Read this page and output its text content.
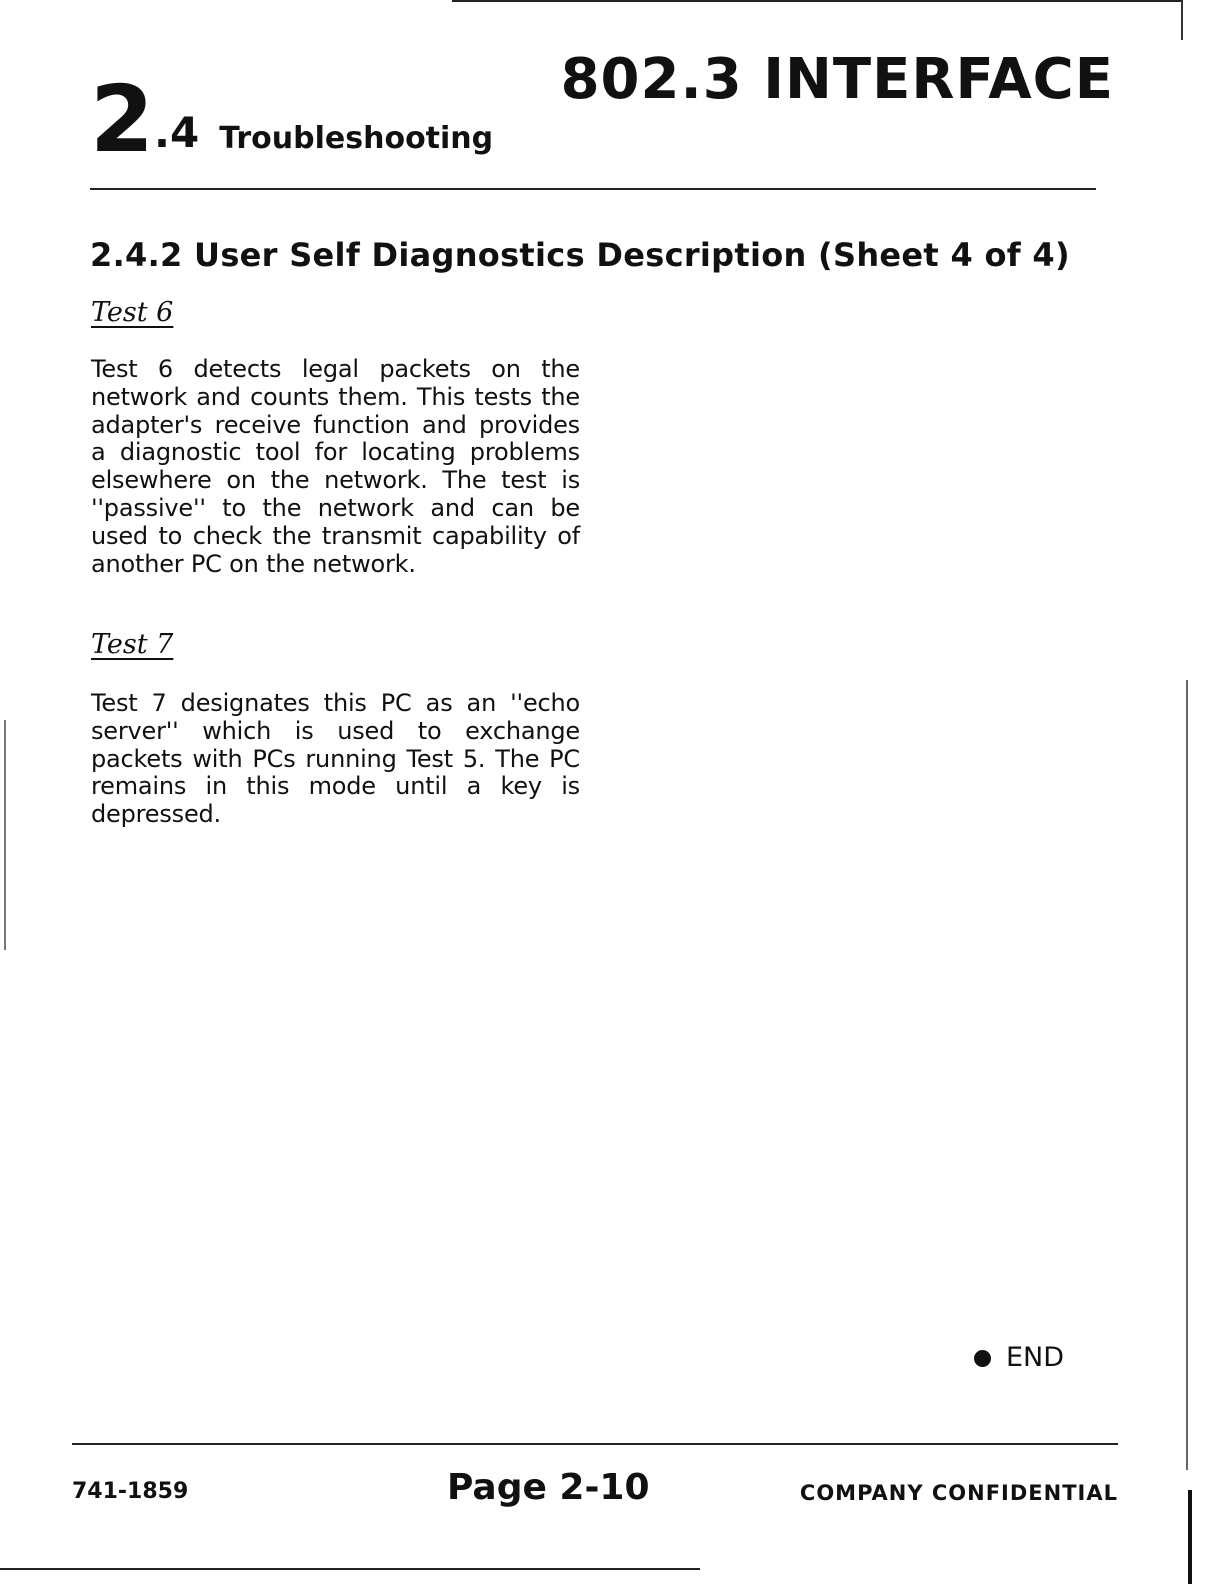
2 .4 Troubleshooting
802.3 INTERFACE
2.4.2 User Self Diagnostics Description (Sheet 4 of 4)
Test 6
Test 6 detects legal packets on the network and counts them. This tests the adapter's receive function and provides a diagnostic tool for locating problems elsewhere on the network. The test is ''passive'' to the network and can be used to check the transmit capability of another PC on the network.
Test 7
Test 7 designates this PC as an ''echo server'' which is used to exchange packets with PCs running Test 5. The PC remains in this mode until a key is depressed.
END
741-1859	Page 2-10	COMPANY CONFIDENTIAL
